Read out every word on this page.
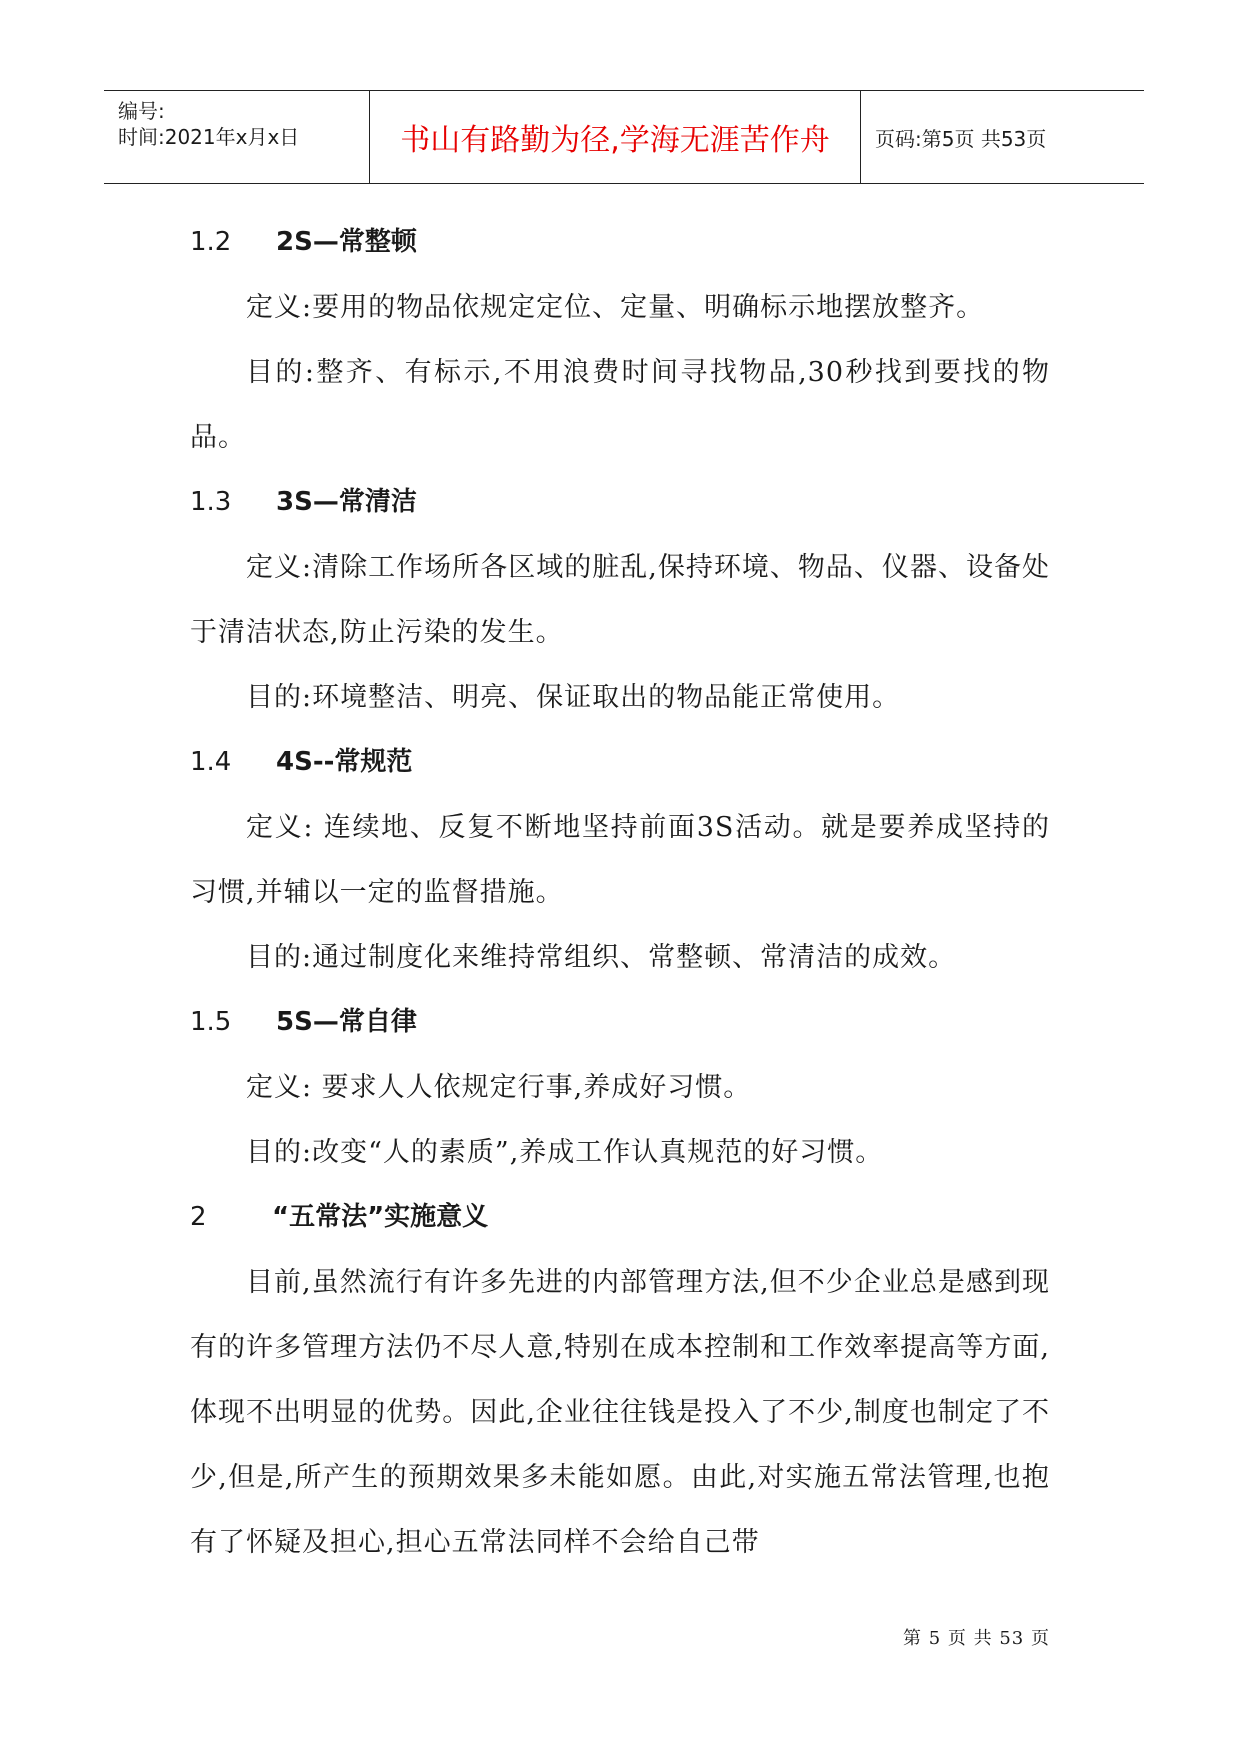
编号:
时间:2021年x月x日	书山有路勤为径,学海无涯苦作舟	页码:第5页 共53页
1.2 2S—常整顿

定义:要用的物品依规定定位、定量、明确标示地摆放整齐。

目的:整齐、有标示,不用浪费时间寻找物品,30秒找到要找的物品。

1.3 3S—常清洁

定义:清除工作场所各区域的脏乱,保持环境、物品、仪器、设备处于清洁状态,防止污染的发生。

目的:环境整洁、明亮、保证取出的物品能正常使用。

1.4 4S--常规范

定义: 连续地、反复不断地坚持前面3S活动。就是要养成坚持的习惯,并辅以一定的监督措施。

目的:通过制度化来维持常组织、常整顿、常清洁的成效。

1.5 5S—常自律

定义: 要求人人依规定行事,养成好习惯。

目的:改变“人的素质”,养成工作认真规范的好习惯。

2	“五常法”实施意义

目前,虽然流行有许多先进的内部管理方法,但不少企业总是感到现有的许多管理方法仍不尽人意,特别在成本控制和工作效率提高等方面,体现不出明显的优势。因此,企业往往钱是投入了不少,制度也制定了不少,但是,所产生的预期效果多未能如愿。由此,对实施五常法管理,也抱有了怀疑及担心,担心五常法同样不会给自己带

第 5 页 共 53 页
